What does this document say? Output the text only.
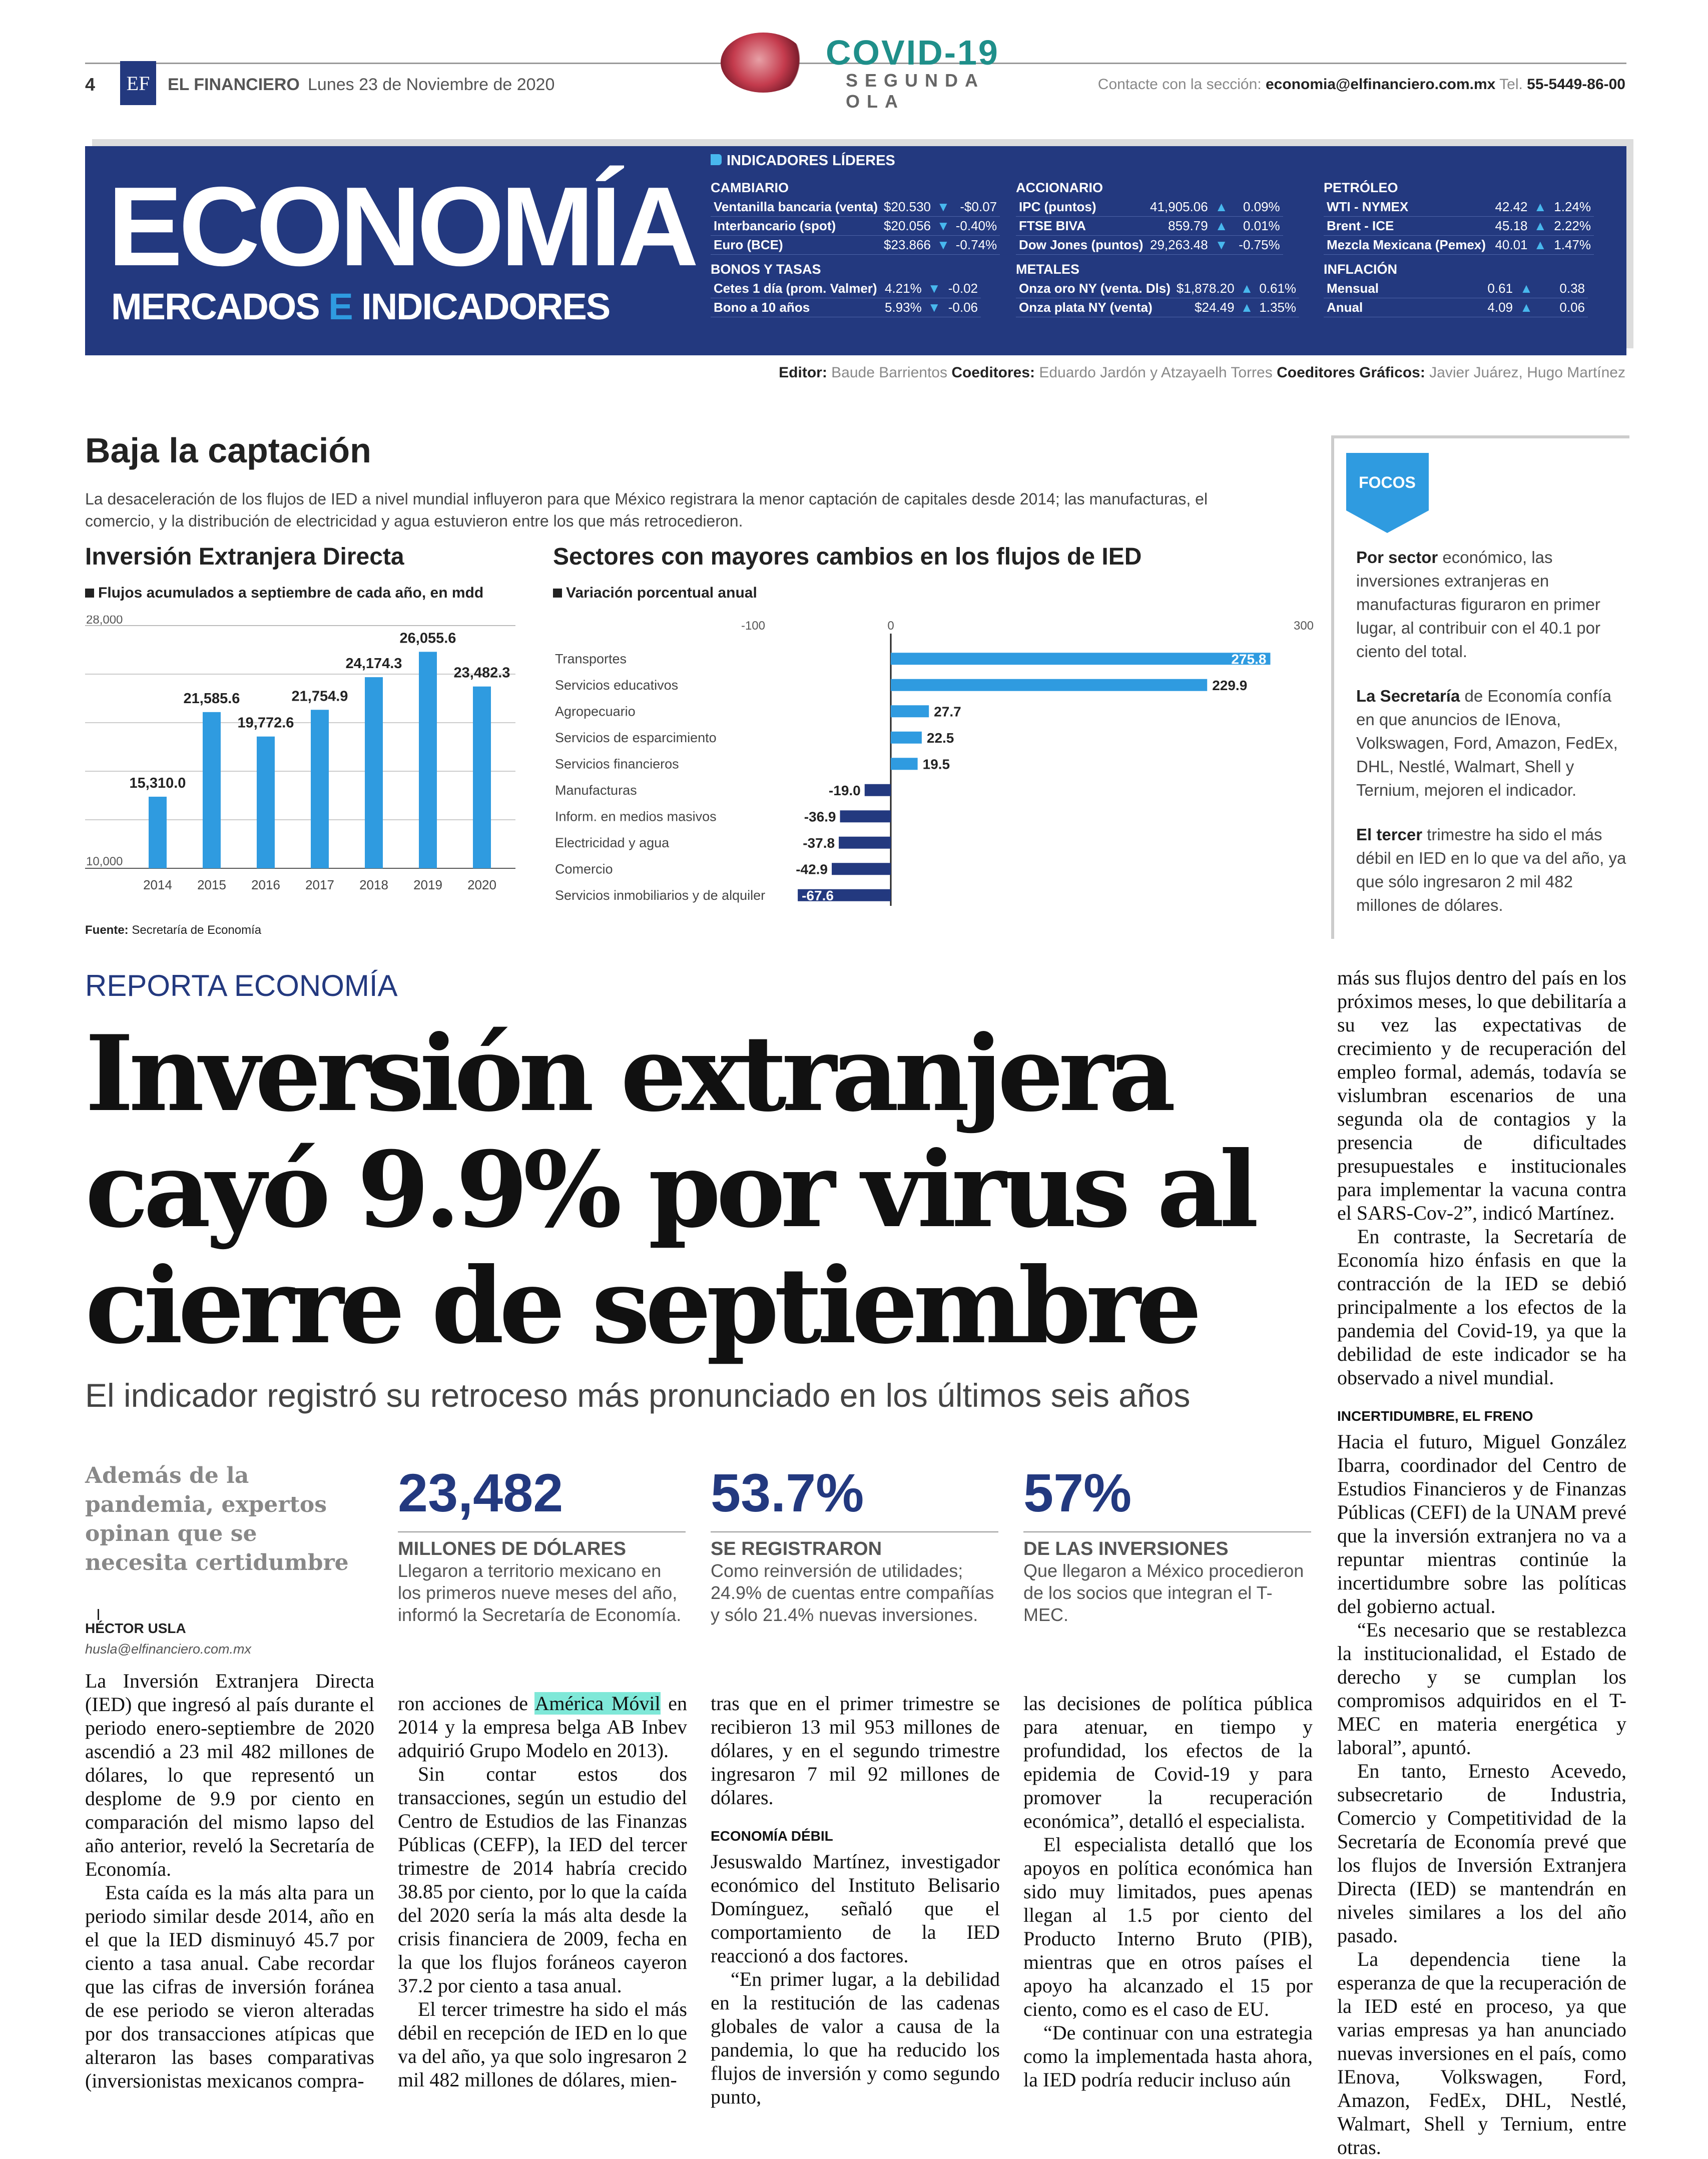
4	EF	EL FINANCIERO Lunes 23 de Noviembre de 2020
COVID-19
SEGUNDA OLA
Contacte con la sección: economia@elfinanciero.com.mx Tel. 55-5449-86-00
ECONOMÍA
MERCADOS E INDICADORES
INDICADORES LÍDERES
CAMBIARIO
Ventanilla bancaria (venta)	$20.530	▼	-$0.07
Interbancario (spot)	$20.056	▼	-0.40%
Euro (BCE)	$23.866	▼	-0.74%
BONOS Y TASAS
Cetes 1 día (prom. Valmer)	4.21%	▼	-0.02
Bono a 10 años	5.93%	▼	-0.06
ACCIONARIO
IPC (puntos)	41,905.06	▲	0.09%
FTSE BIVA	859.79	▲	0.01%
Dow Jones (puntos)	29,263.48	▼	-0.75%
METALES
Onza oro NY (venta. Dls)	$1,878.20	▲	0.61%
Onza plata NY (venta)	$24.49	▲	1.35%
PETRÓLEO
WTI - NYMEX	42.42	▲	1.24%
Brent - ICE	45.18	▲	2.22%
Mezcla Mexicana (Pemex)	40.01	▲	1.47%
INFLACIÓN
Mensual	0.61	▲	0.38
Anual	4.09	▲	0.06
Editor: Baude Barrientos Coeditores: Eduardo Jardón y Atzayaelh Torres Coeditores Gráficos: Javier Juárez, Hugo Martínez
Baja la captación
La desaceleración de los flujos de IED a nivel mundial influyeron para que México registrara la menor captación de capitales desde 2014; las manufacturas, el comercio, y la distribución de electricidad y agua estuvieron entre los que más retrocedieron.
Inversión Extranjera Directa
Flujos acumulados a septiembre de cada año, en mdd
28,000
10,000
15,310.0
2014
21,585.6
2015
19,772.6
2016
21,754.9
2017
24,174.3
2018
26,055.6
2019
23,482.3
2020
Sectores con mayores cambios en los flujos de IED
Variación porcentual anual
-100	0	300
Transportes	275.8
Servicios educativos	229.9
Agropecuario	27.7
Servicios de esparcimiento	22.5
Servicios financieros	19.5
Manufacturas	-19.0
Inform. en medios masivos	-36.9
Electricidad y agua	-37.8
Comercio	-42.9
Servicios inmobiliarios y de alquiler	-67.6
Fuente: Secretaría de Economía
FOCOS

Por sector económico, las inversiones extranjeras en manufacturas figuraron en primer lugar, al contribuir con el 40.1 por ciento del total.

La Secretaría de Economía confía en que anuncios de IEnova, Volkswagen, Ford, Amazon, FedEx, DHL, Nestlé, Walmart, Shell y Ternium, mejoren el indicador.

El tercer trimestre ha sido el más débil en IED en lo que va del año, ya que sólo ingresaron 2 mil 482 millones de dólares.

REPORTA ECONOMÍA
Inversión extranjera cayó 9.9% por virus al cierre de septiembre
El indicador registró su retroceso más pronunciado en los últimos seis años
Además de la pandemia, expertos opinan que se necesita certidumbre
HÉCTOR USLA
husla@elfinanciero.com.mx
23,482
MILLONES DE DÓLARES
Llegaron a territorio mexicano en los primeros nueve meses del año, informó la Secretaría de Economía.
53.7%
SE REGISTRARON
Como reinversión de utilidades; 24.9% de cuentas entre compañías y sólo 21.4% nuevas inversiones.
57%
DE LAS INVERSIONES
Que llegaron a México procedieron de los socios que integran el T-MEC.

La Inversión Extranjera Directa (IED) que ingresó al país durante el periodo enero-septiembre de 2020 ascendió a 23 mil 482 millones de dólares, lo que representó un desplome de 9.9 por ciento en comparación del mismo lapso del año anterior, reveló la Secretaría de Economía.

Esta caída es la más alta para un periodo similar desde 2014, año en el que la IED disminuyó 45.7 por ciento a tasa anual. Cabe recordar que las cifras de inversión foránea de ese periodo se vieron alteradas por dos transacciones atípicas que alteraron las bases comparativas (inversionistas mexicanos compra-

ron acciones de América Móvil en 2014 y la empresa belga AB Inbev adquirió Grupo Modelo en 2013).

Sin contar estos dos transacciones, según un estudio del Centro de Estudios de las Finanzas Públicas (CEFP), la IED del tercer trimestre de 2014 habría crecido 38.85 por ciento, por lo que la caída del 2020 sería la más alta desde la crisis financiera de 2009, fecha en la que los flujos foráneos cayeron 37.2 por ciento a tasa anual.

El tercer trimestre ha sido el más débil en recepción de IED en lo que va del año, ya que solo ingresaron 2 mil 482 millones de dólares, mien-

tras que en el primer trimestre se recibieron 13 mil 953 millones de dólares, y en el segundo trimestre ingresaron 7 mil 92 millones de dólares.

ECONOMÍA DÉBIL

Jesuswaldo Martínez, investigador económico del Instituto Belisario Domínguez, señaló que el comportamiento de la IED reaccionó a dos factores.

“En primer lugar, a la debilidad en la restitución de las cadenas globales de valor a causa de la pandemia, lo que ha reducido los flujos de inversión y como segundo punto,

las decisiones de política pública para atenuar, en tiempo y profundidad, los efectos de la epidemia de Covid-19 y para promover la recuperación económica”, detalló el especialista.

El especialista detalló que los apoyos en política económica han sido muy limitados, pues apenas llegan al 1.5 por ciento del Producto Interno Bruto (PIB), mientras que en otros países el apoyo ha alcanzado el 15 por ciento, como es el caso de EU.

“De continuar con una estrategia como la implementada hasta ahora, la IED podría reducir incluso aún

más sus flujos dentro del país en los próximos meses, lo que debilitaría a su vez las expectativas de crecimiento y de recuperación del empleo formal, además, todavía se vislumbran escenarios de una segunda ola de contagios y la presencia de dificultades presupuestales e institucionales para implementar la vacuna contra el SARS-Cov-2”, indicó Martínez.

En contraste, la Secretaría de Economía hizo énfasis en que la contracción de la IED se debió principalmente a los efectos de la pandemia del Covid-19, ya que la debilidad de este indicador se ha observado a nivel mundial.

INCERTIDUMBRE, EL FRENO

Hacia el futuro, Miguel González Ibarra, coordinador del Centro de Estudios Financieros y de Finanzas Públicas (CEFI) de la UNAM prevé que la inversión extranjera no va a repuntar mientras continúe la incertidumbre sobre las políticas del gobierno actual.

“Es necesario que se restablezca la institucionalidad, el Estado de derecho y se cumplan los compromisos adquiridos en el T-MEC en materia energética y laboral”, apuntó.

En tanto, Ernesto Acevedo, subsecretario de Industria, Comercio y Competitividad de la Secretaría de Economía prevé que los flujos de Inversión Extranjera Directa (IED) se mantendrán en niveles similares a los del año pasado.

La dependencia tiene la esperanza de que la recuperación de la IED esté en proceso, ya que varias empresas ya han anunciado nuevas inversiones en el país, como IEnova, Volkswagen, Ford, Amazon, FedEx, DHL, Nestlé, Walmart, Shell y Ternium, entre otras.
